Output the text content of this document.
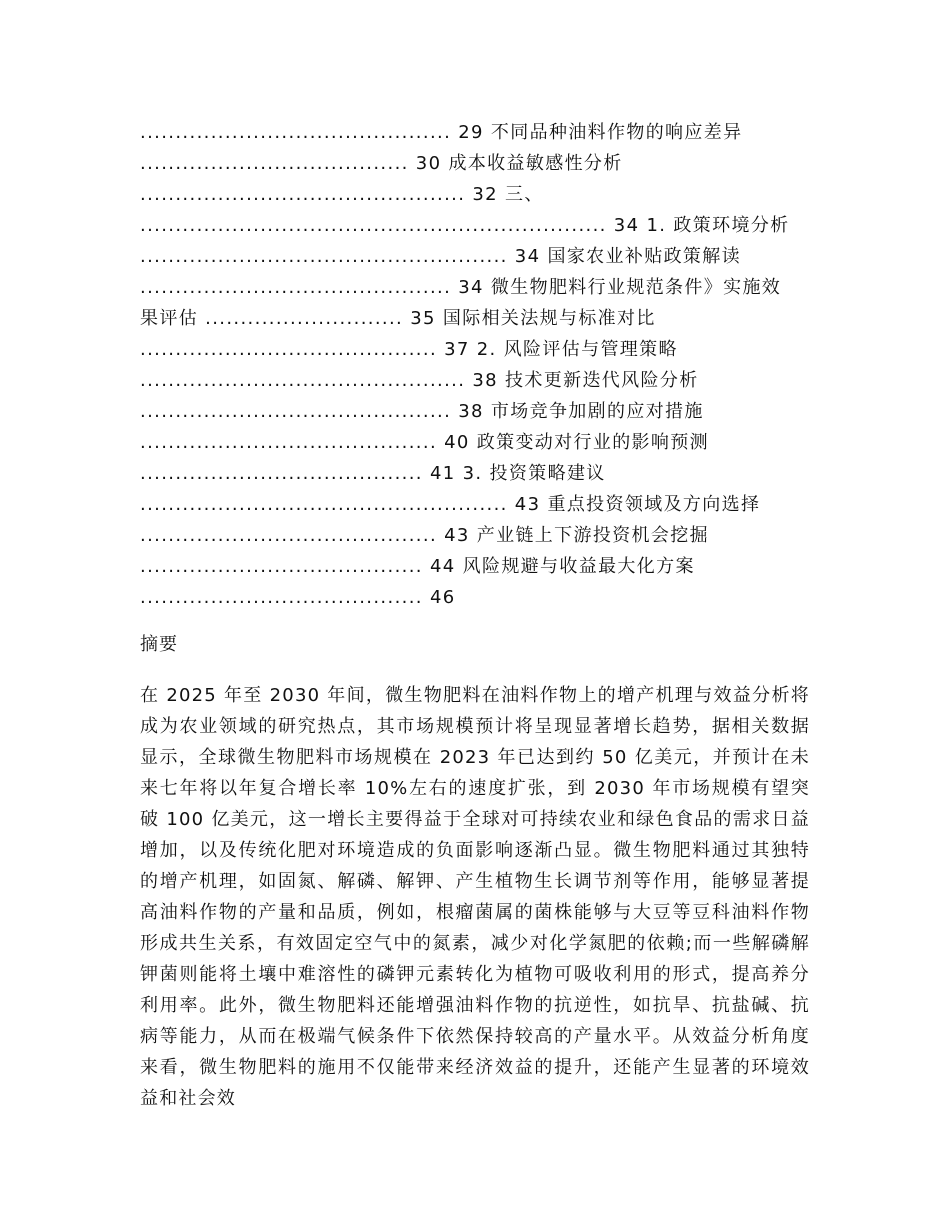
............................................ 29 不同品种油料作物的响应差异
...................................... 30 成本收益敏感性分析
.............................................. 32 三、
.................................................................. 34 1. 政策环境分析
.................................................... 34 国家农业补贴政策解读
............................................ 34 微生物肥料行业规范条件》实施效
果评估 ............................ 35 国际相关法规与标准对比
.......................................... 37 2. 风险评估与管理策略
.............................................. 38 技术更新迭代风险分析
............................................ 38 市场竞争加剧的应对措施
.......................................... 40 政策变动对行业的影响预测
........................................ 41 3. 投资策略建议
.................................................... 43 重点投资领域及方向选择
.......................................... 43 产业链上下游投资机会挖掘
........................................ 44 风险规避与收益最大化方案
........................................ 46
摘要

在 2025 年至 2030 年间，微生物肥料在油料作物上的增产机理与效益分析将成为农业领域的研究热点，其市场规模预计将呈现显著增长趋势，据相关数据显示，全球微生物肥料市场规模在 2023 年已达到约 50 亿美元，并预计在未来七年将以年复合增长率 10%左右的速度扩张，到 2030 年市场规模有望突破 100 亿美元，这一增长主要得益于全球对可持续农业和绿色食品的需求日益增加，以及传统化肥对环境造成的负面影响逐渐凸显。微生物肥料通过其独特的增产机理，如固氮、解磷、解钾、产生植物生长调节剂等作用，能够显著提高油料作物的产量和品质，例如，根瘤菌属的菌株能够与大豆等豆科油料作物形成共生关系，有效固定空气中的氮素，减少对化学氮肥的依赖;而一些解磷解钾菌则能将土壤中难溶性的磷钾元素转化为植物可吸收利用的形式，提高养分利用率。此外，微生物肥料还能增强油料作物的抗逆性，如抗旱、抗盐碱、抗病等能力，从而在极端气候条件下依然保持较高的产量水平。从效益分析角度来看，微生物肥料的施用不仅能带来经济效益的提升，还能产生显著的环境效益和社会效
